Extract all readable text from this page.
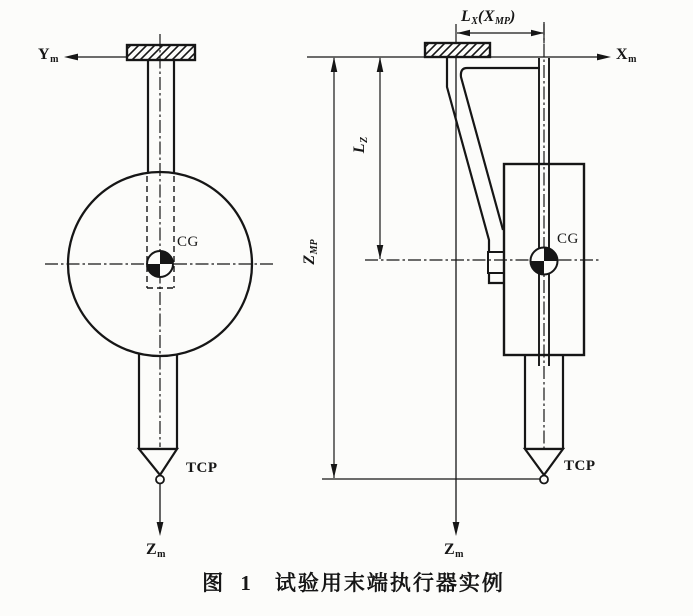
$Y_m$	$X_m$
$Z_m$	$Z_m$
CG	CG
TCP	TCP
$L_X(X_{MP})$
$L_Z$
$Z_{MP}$
图 1 试验用末端执行器实例
